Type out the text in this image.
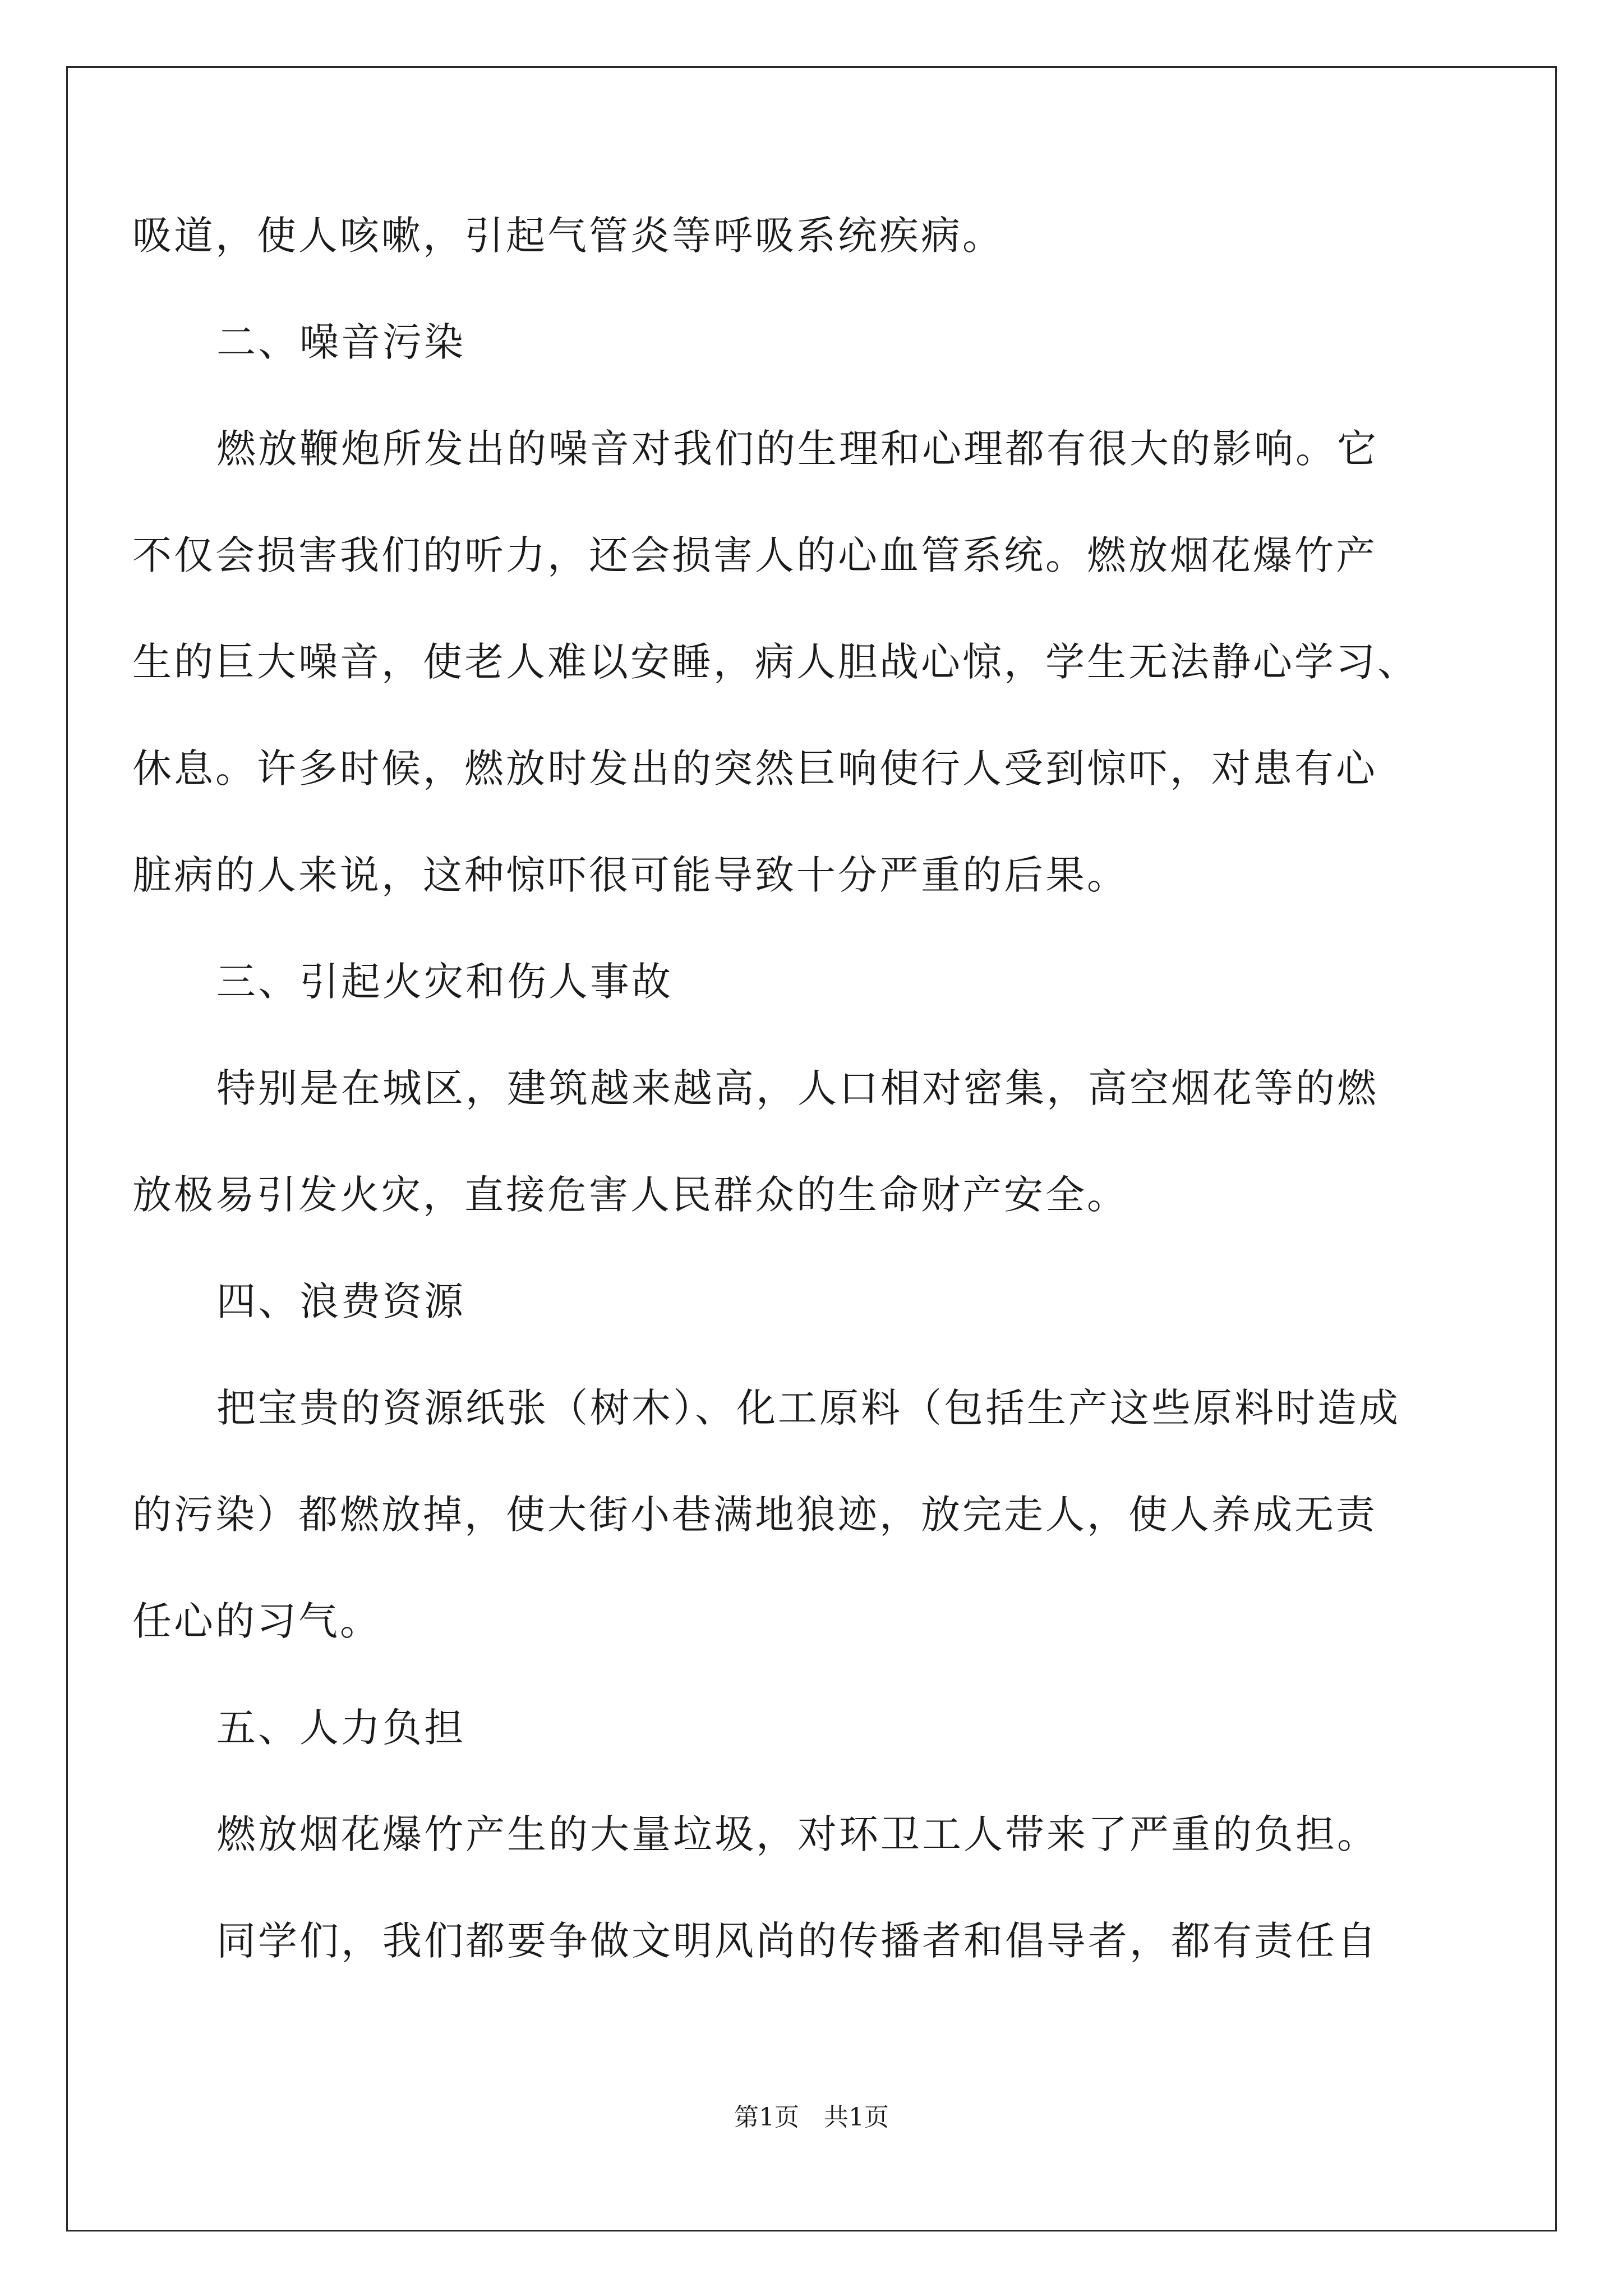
吸道，使人咳嗽，引起气管炎等呼吸系统疾病。
二、噪音污染
燃放鞭炮所发出的噪音对我们的生理和心理都有很大的影响。它
不仅会损害我们的听力，还会损害人的心血管系统。燃放烟花爆竹产
生的巨大噪音，使老人难以安睡，病人胆战心惊，学生无法静心学习、
休息。许多时候，燃放时发出的突然巨响使行人受到惊吓，对患有心
脏病的人来说，这种惊吓很可能导致十分严重的后果。
三、引起火灾和伤人事故
特别是在城区，建筑越来越高，人口相对密集，高空烟花等的燃
放极易引发火灾，直接危害人民群众的生命财产安全。
四、浪费资源
把宝贵的资源纸张（树木）、化工原料（包括生产这些原料时造成
的污染）都燃放掉，使大街小巷满地狼迹，放完走人，使人养成无责
任心的习气。
五、人力负担
燃放烟花爆竹产生的大量垃圾，对环卫工人带来了严重的负担。
同学们，我们都要争做文明风尚的传播者和倡导者，都有责任自
第1页　共1页
